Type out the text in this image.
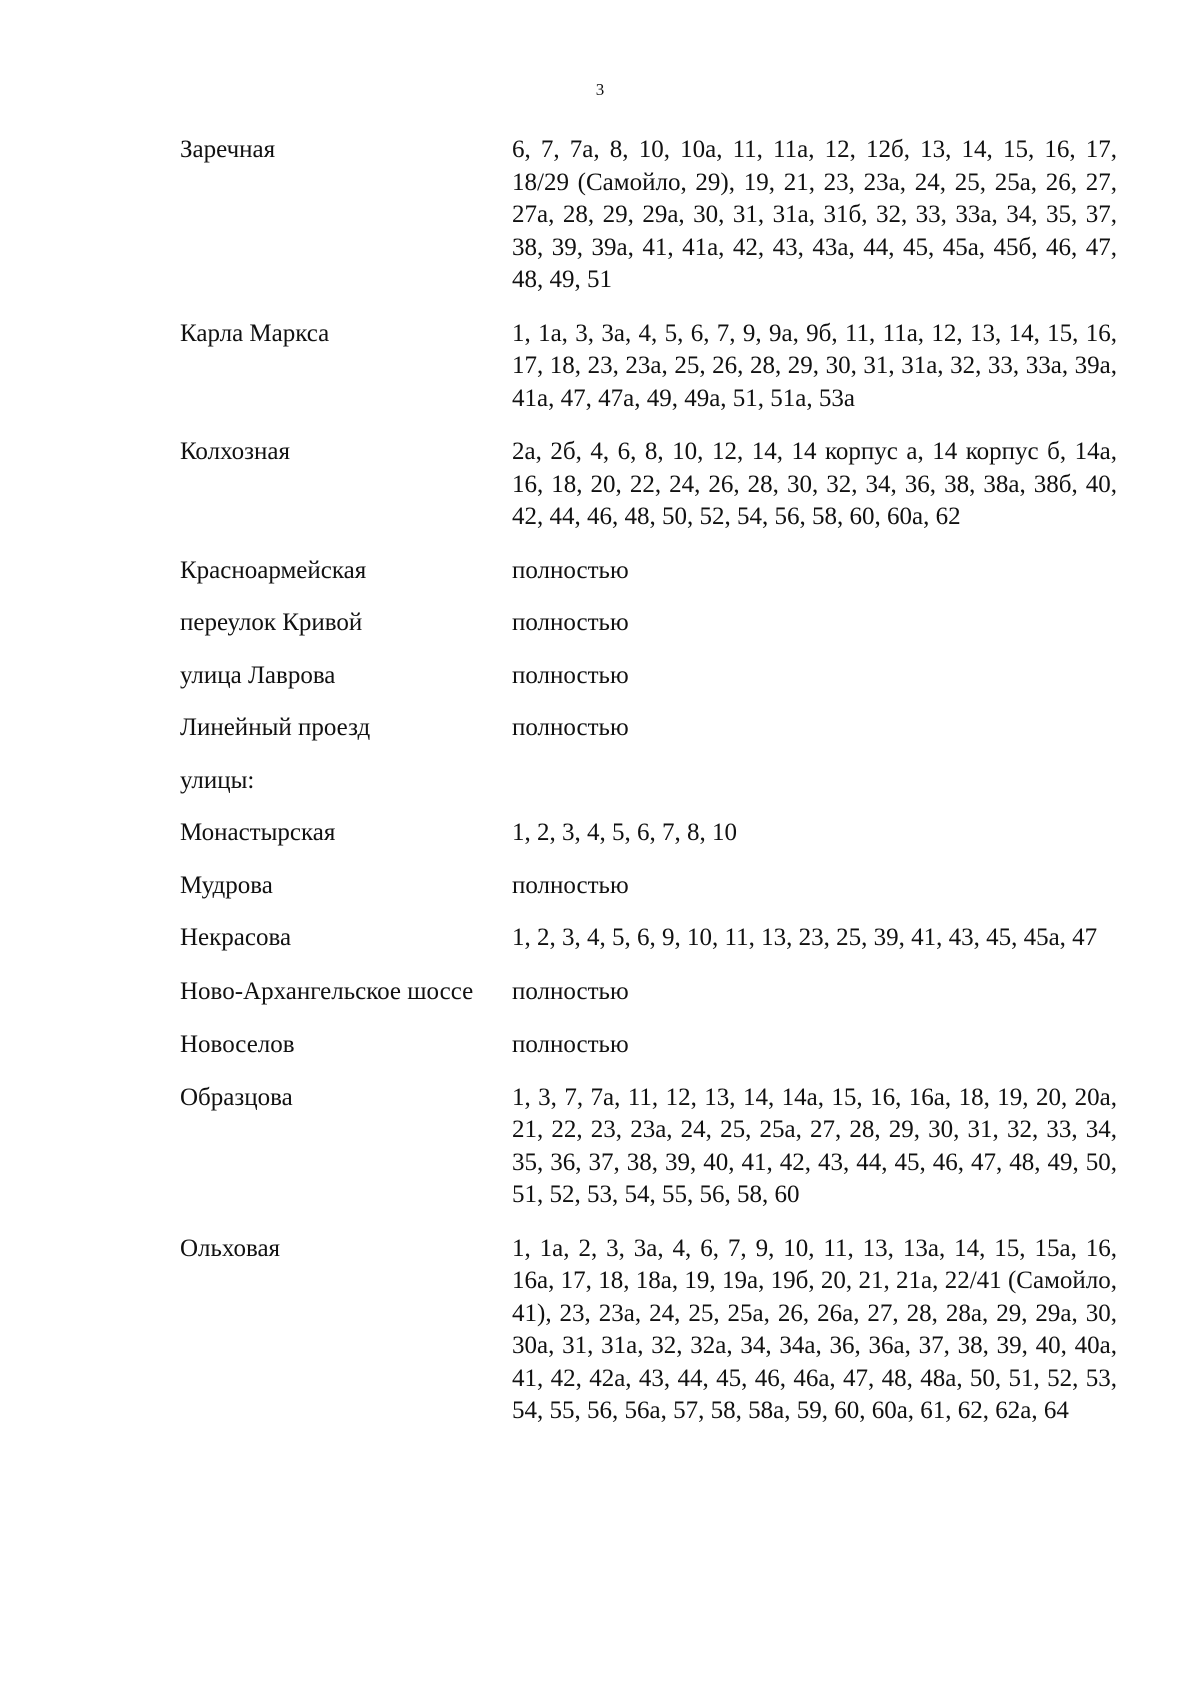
3
Заречная	6, 7, 7а, 8, 10, 10а, 11, 11а, 12, 12б, 13, 14, 15, 16, 17, 18/29 (Самойло, 29), 19, 21, 23, 23а, 24, 25, 25а, 26, 27, 27а, 28, 29, 29а, 30, 31, 31а, 31б, 32, 33, 33а, 34, 35, 37, 38, 39, 39а, 41, 41а, 42, 43, 43а, 44, 45, 45а, 45б, 46, 47, 48, 49, 51
Карла Маркса	1, 1а, 3, 3а, 4, 5, 6, 7, 9, 9а, 9б, 11, 11а, 12, 13, 14, 15, 16, 17, 18, 23, 23а, 25, 26, 28, 29, 30, 31, 31а, 32, 33, 33а, 39а, 41а, 47, 47а, 49, 49а, 51, 51а, 53а
Колхозная	2а, 2б, 4, 6, 8, 10, 12, 14, 14 корпус а, 14 корпус б, 14а, 16, 18, 20, 22, 24, 26, 28, 30, 32, 34, 36, 38, 38а, 38б, 40, 42, 44, 46, 48, 50, 52, 54, 56, 58, 60, 60а, 62
Красноармейская	полностью
переулок Кривой	полностью
улица Лаврова	полностью
Линейный проезд	полностью
улицы:
Монастырская	1, 2, 3, 4, 5, 6, 7, 8, 10
Мудрова	полностью
Некрасова	1, 2, 3, 4, 5, 6, 9, 10, 11, 13, 23, 25, 39, 41, 43, 45, 45а, 47
Ново-Архангельское шоссе	полностью
Новоселов	полностью
Образцова	1, 3, 7, 7а, 11, 12, 13, 14, 14а, 15, 16, 16а, 18, 19, 20, 20а, 21, 22, 23, 23а, 24, 25, 25а, 27, 28, 29, 30, 31, 32, 33, 34, 35, 36, 37, 38, 39, 40, 41, 42, 43, 44, 45, 46, 47, 48, 49, 50, 51, 52, 53, 54, 55, 56, 58, 60
Ольховая	1, 1а, 2, 3, 3а, 4, 6, 7, 9, 10, 11, 13, 13а, 14, 15, 15а, 16, 16а, 17, 18, 18а, 19, 19а, 19б, 20, 21, 21а, 22/41 (Самойло, 41), 23, 23а, 24, 25, 25а, 26, 26а, 27, 28, 28а, 29, 29а, 30, 30а, 31, 31а, 32, 32а, 34, 34а, 36, 36а, 37, 38, 39, 40, 40а, 41, 42, 42а, 43, 44, 45, 46, 46а, 47, 48, 48а, 50, 51, 52, 53, 54, 55, 56, 56а, 57, 58, 58а, 59, 60, 60а, 61, 62, 62а, 64
